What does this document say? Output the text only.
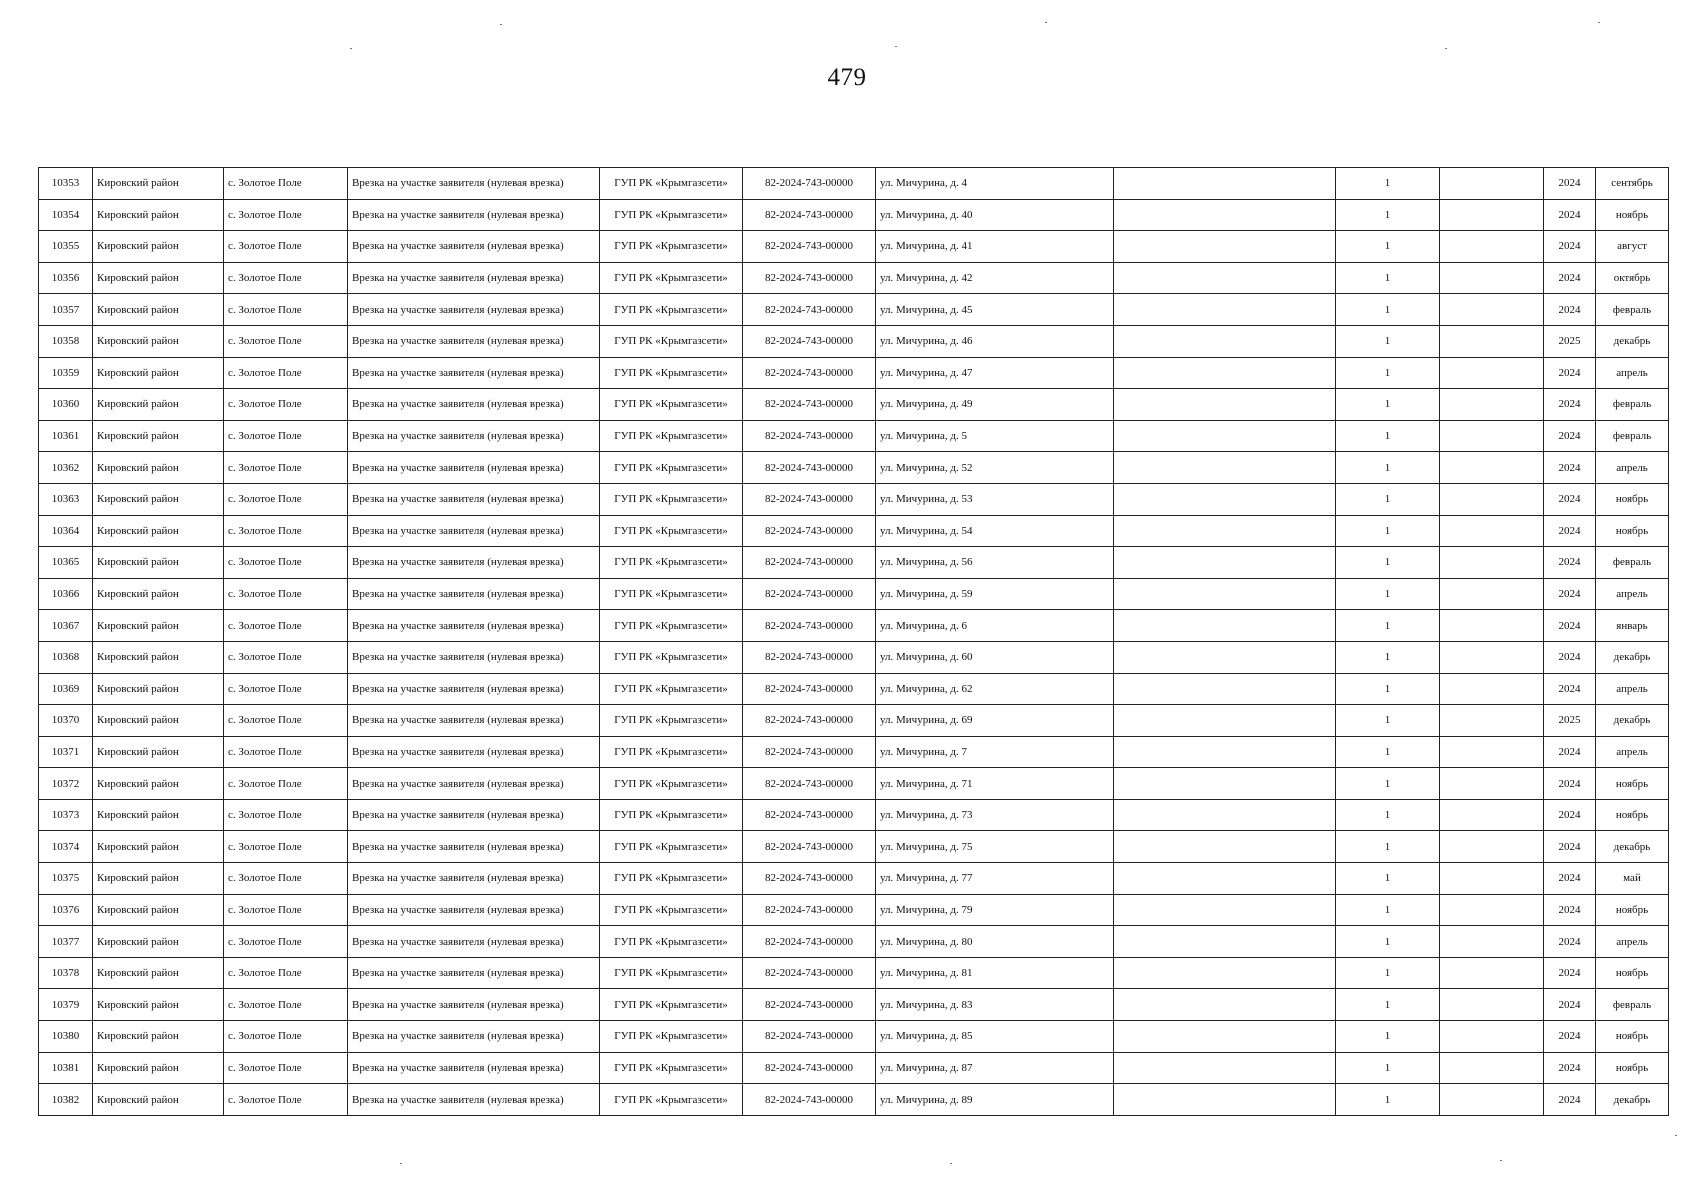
479
10353	Кировский район	с. Золотое Поле	Врезка на участке заявителя (нулевая врезка)	ГУП РК «Крымгазсети»	82-2024-743-00000	ул. Мичурина, д. 4		1		2024	сентябрь
10354	Кировский район	с. Золотое Поле	Врезка на участке заявителя (нулевая врезка)	ГУП РК «Крымгазсети»	82-2024-743-00000	ул. Мичурина, д. 40		1		2024	ноябрь
10355	Кировский район	с. Золотое Поле	Врезка на участке заявителя (нулевая врезка)	ГУП РК «Крымгазсети»	82-2024-743-00000	ул. Мичурина, д. 41		1		2024	август
10356	Кировский район	с. Золотое Поле	Врезка на участке заявителя (нулевая врезка)	ГУП РК «Крымгазсети»	82-2024-743-00000	ул. Мичурина, д. 42		1		2024	октябрь
10357	Кировский район	с. Золотое Поле	Врезка на участке заявителя (нулевая врезка)	ГУП РК «Крымгазсети»	82-2024-743-00000	ул. Мичурина, д. 45		1		2024	февраль
10358	Кировский район	с. Золотое Поле	Врезка на участке заявителя (нулевая врезка)	ГУП РК «Крымгазсети»	82-2024-743-00000	ул. Мичурина, д. 46		1		2025	декабрь
10359	Кировский район	с. Золотое Поле	Врезка на участке заявителя (нулевая врезка)	ГУП РК «Крымгазсети»	82-2024-743-00000	ул. Мичурина, д. 47		1		2024	апрель
10360	Кировский район	с. Золотое Поле	Врезка на участке заявителя (нулевая врезка)	ГУП РК «Крымгазсети»	82-2024-743-00000	ул. Мичурина, д. 49		1		2024	февраль
10361	Кировский район	с. Золотое Поле	Врезка на участке заявителя (нулевая врезка)	ГУП РК «Крымгазсети»	82-2024-743-00000	ул. Мичурина, д. 5		1		2024	февраль
10362	Кировский район	с. Золотое Поле	Врезка на участке заявителя (нулевая врезка)	ГУП РК «Крымгазсети»	82-2024-743-00000	ул. Мичурина, д. 52		1		2024	апрель
10363	Кировский район	с. Золотое Поле	Врезка на участке заявителя (нулевая врезка)	ГУП РК «Крымгазсети»	82-2024-743-00000	ул. Мичурина, д. 53		1		2024	ноябрь
10364	Кировский район	с. Золотое Поле	Врезка на участке заявителя (нулевая врезка)	ГУП РК «Крымгазсети»	82-2024-743-00000	ул. Мичурина, д. 54		1		2024	ноябрь
10365	Кировский район	с. Золотое Поле	Врезка на участке заявителя (нулевая врезка)	ГУП РК «Крымгазсети»	82-2024-743-00000	ул. Мичурина, д. 56		1		2024	февраль
10366	Кировский район	с. Золотое Поле	Врезка на участке заявителя (нулевая врезка)	ГУП РК «Крымгазсети»	82-2024-743-00000	ул. Мичурина, д. 59		1		2024	апрель
10367	Кировский район	с. Золотое Поле	Врезка на участке заявителя (нулевая врезка)	ГУП РК «Крымгазсети»	82-2024-743-00000	ул. Мичурина, д. 6		1		2024	январь
10368	Кировский район	с. Золотое Поле	Врезка на участке заявителя (нулевая врезка)	ГУП РК «Крымгазсети»	82-2024-743-00000	ул. Мичурина, д. 60		1		2024	декабрь
10369	Кировский район	с. Золотое Поле	Врезка на участке заявителя (нулевая врезка)	ГУП РК «Крымгазсети»	82-2024-743-00000	ул. Мичурина, д. 62		1		2024	апрель
10370	Кировский район	с. Золотое Поле	Врезка на участке заявителя (нулевая врезка)	ГУП РК «Крымгазсети»	82-2024-743-00000	ул. Мичурина, д. 69		1		2025	декабрь
10371	Кировский район	с. Золотое Поле	Врезка на участке заявителя (нулевая врезка)	ГУП РК «Крымгазсети»	82-2024-743-00000	ул. Мичурина, д. 7		1		2024	апрель
10372	Кировский район	с. Золотое Поле	Врезка на участке заявителя (нулевая врезка)	ГУП РК «Крымгазсети»	82-2024-743-00000	ул. Мичурина, д. 71		1		2024	ноябрь
10373	Кировский район	с. Золотое Поле	Врезка на участке заявителя (нулевая врезка)	ГУП РК «Крымгазсети»	82-2024-743-00000	ул. Мичурина, д. 73		1		2024	ноябрь
10374	Кировский район	с. Золотое Поле	Врезка на участке заявителя (нулевая врезка)	ГУП РК «Крымгазсети»	82-2024-743-00000	ул. Мичурина, д. 75		1		2024	декабрь
10375	Кировский район	с. Золотое Поле	Врезка на участке заявителя (нулевая врезка)	ГУП РК «Крымгазсети»	82-2024-743-00000	ул. Мичурина, д. 77		1		2024	май
10376	Кировский район	с. Золотое Поле	Врезка на участке заявителя (нулевая врезка)	ГУП РК «Крымгазсети»	82-2024-743-00000	ул. Мичурина, д. 79		1		2024	ноябрь
10377	Кировский район	с. Золотое Поле	Врезка на участке заявителя (нулевая врезка)	ГУП РК «Крымгазсети»	82-2024-743-00000	ул. Мичурина, д. 80		1		2024	апрель
10378	Кировский район	с. Золотое Поле	Врезка на участке заявителя (нулевая врезка)	ГУП РК «Крымгазсети»	82-2024-743-00000	ул. Мичурина, д. 81		1		2024	ноябрь
10379	Кировский район	с. Золотое Поле	Врезка на участке заявителя (нулевая врезка)	ГУП РК «Крымгазсети»	82-2024-743-00000	ул. Мичурина, д. 83		1		2024	февраль
10380	Кировский район	с. Золотое Поле	Врезка на участке заявителя (нулевая врезка)	ГУП РК «Крымгазсети»	82-2024-743-00000	ул. Мичурина, д. 85		1		2024	ноябрь
10381	Кировский район	с. Золотое Поле	Врезка на участке заявителя (нулевая врезка)	ГУП РК «Крымгазсети»	82-2024-743-00000	ул. Мичурина, д. 87		1		2024	ноябрь
10382	Кировский район	с. Золотое Поле	Врезка на участке заявителя (нулевая врезка)	ГУП РК «Крымгазсети»	82-2024-743-00000	ул. Мичурина, д. 89		1		2024	декабрь
